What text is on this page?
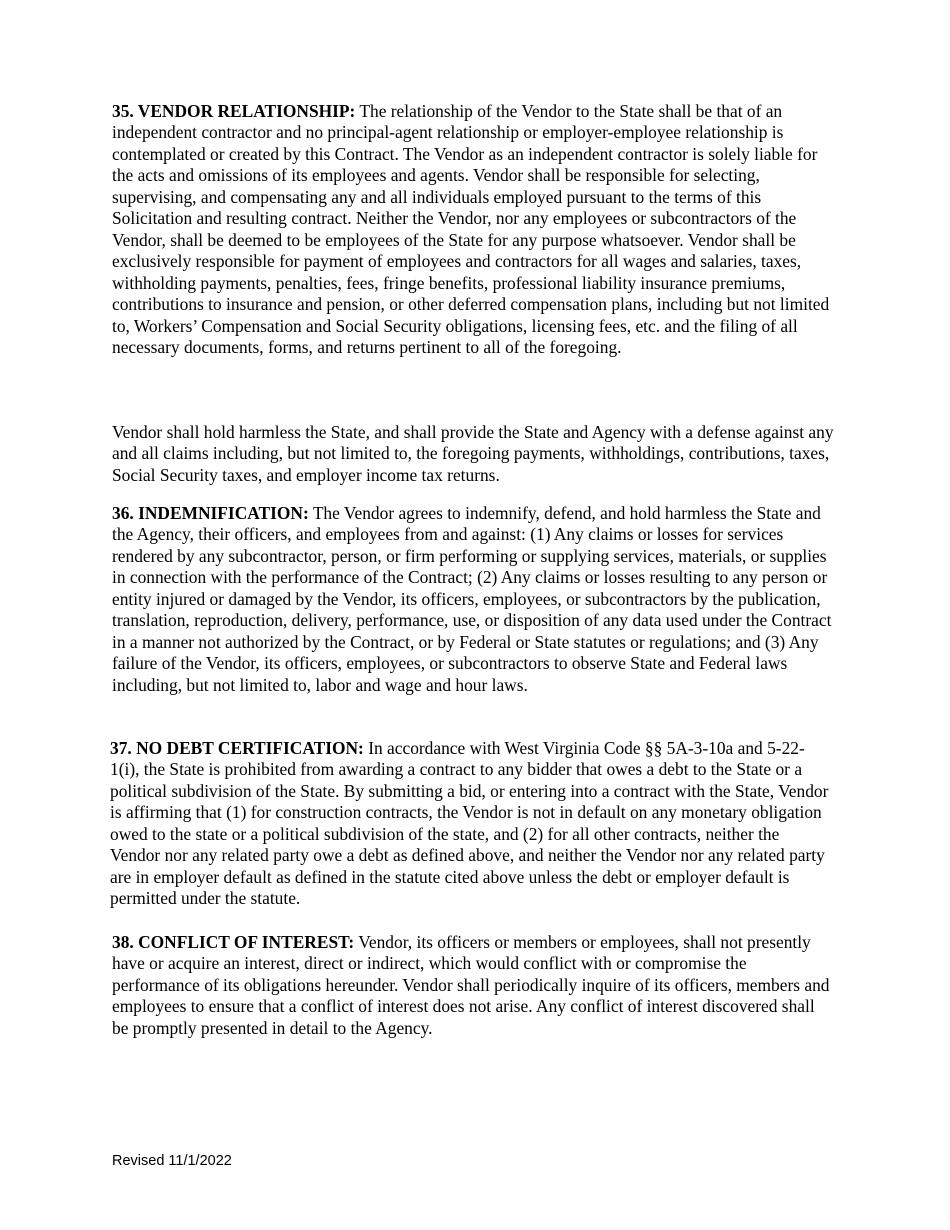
35. VENDOR RELATIONSHIP: The relationship of the Vendor to the State shall be that of an independent contractor and no principal-agent relationship or employer-employee relationship is contemplated or created by this Contract. The Vendor as an independent contractor is solely liable for the acts and omissions of its employees and agents. Vendor shall be responsible for selecting, supervising, and compensating any and all individuals employed pursuant to the terms of this Solicitation and resulting contract. Neither the Vendor, nor any employees or subcontractors of the Vendor, shall be deemed to be employees of the State for any purpose whatsoever. Vendor shall be exclusively responsible for payment of employees and contractors for all wages and salaries, taxes, withholding payments, penalties, fees, fringe benefits, professional liability insurance premiums, contributions to insurance and pension, or other deferred compensation plans, including but not limited to, Workers’ Compensation and Social Security obligations, licensing fees, etc. and the filing of all necessary documents, forms, and returns pertinent to all of the foregoing.

Vendor shall hold harmless the State, and shall provide the State and Agency with a defense against any and all claims including, but not limited to, the foregoing payments, withholdings, contributions, taxes, Social Security taxes, and employer income tax returns.

36. INDEMNIFICATION: The Vendor agrees to indemnify, defend, and hold harmless the State and the Agency, their officers, and employees from and against: (1) Any claims or losses for services rendered by any subcontractor, person, or firm performing or supplying services, materials, or supplies in connection with the performance of the Contract; (2) Any claims or losses resulting to any person or entity injured or damaged by the Vendor, its officers, employees, or subcontractors by the publication, translation, reproduction, delivery, performance, use, or disposition of any data used under the Contract in a manner not authorized by the Contract, or by Federal or State statutes or regulations; and (3) Any failure of the Vendor, its officers, employees, or subcontractors to observe State and Federal laws including, but not limited to, labor and wage and hour laws.

37. NO DEBT CERTIFICATION: In accordance with West Virginia Code §§ 5A-3-10a and 5-22-1(i), the State is prohibited from awarding a contract to any bidder that owes a debt to the State or a political subdivision of the State. By submitting a bid, or entering into a contract with the State, Vendor is affirming that (1) for construction contracts, the Vendor is not in default on any monetary obligation owed to the state or a political subdivision of the state, and (2) for all other contracts, neither the Vendor nor any related party owe a debt as defined above, and neither the Vendor nor any related party are in employer default as defined in the statute cited above unless the debt or employer default is permitted under the statute.

38. CONFLICT OF INTEREST: Vendor, its officers or members or employees, shall not presently have or acquire an interest, direct or indirect, which would conflict with or compromise the performance of its obligations hereunder. Vendor shall periodically inquire of its officers, members and employees to ensure that a conflict of interest does not arise. Any conflict of interest discovered shall be promptly presented in detail to the Agency.

Revised 11/1/2022
